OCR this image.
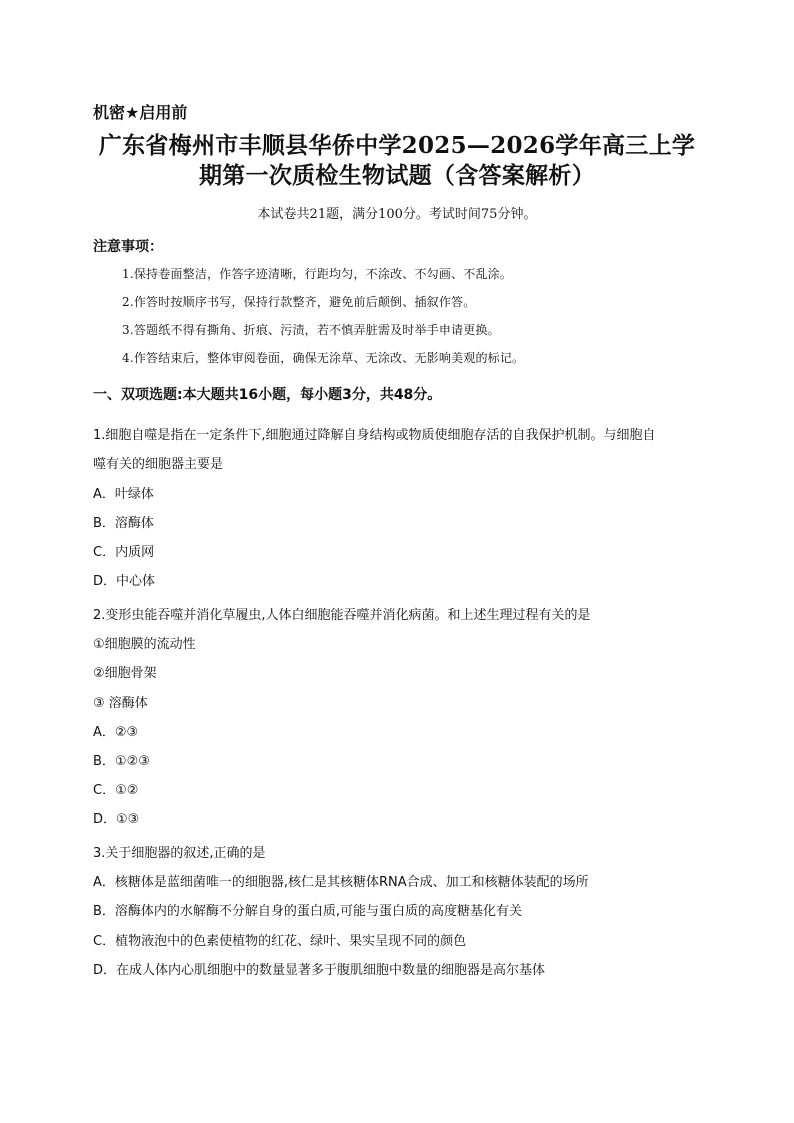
机密★启用前
广东省梅州市丰顺县华侨中学2025—2026学年高三上学
期第一次质检生物试题（含答案解析）
本试卷共21题，满分100分。考试时间75分钟。
注意事项：
1.保持卷面整洁，作答字迹清晰，行距均匀，不涂改、不勾画、不乱涂。
2.作答时按顺序书写，保持行款整齐，避免前后颠倒、插叙作答。
3.答题纸不得有撕角、折痕、污渍，若不慎弄脏需及时举手申请更换。
4.作答结束后，整体审阅卷面，确保无涂草、无涂改、无影响美观的标记。
一、双项选题:本大题共16小题，每小题3分，共48分。
1.细胞自噬是指在一定条件下,细胞通过降解自身结构或物质使细胞存活的自我保护机制。与细胞自
噬有关的细胞器主要是
A．叶绿体
B．溶酶体
C．内质网
D．中心体
2.变形虫能吞噬并消化草履虫,人体白细胞能吞噬并消化病菌。和上述生理过程有关的是
①细胞膜的流动性
②细胞骨架
③ 溶酶体
A．②③
B．①②③
C．①②
D．①③
3.关于细胞器的叙述,正确的是
A．核糖体是蓝细菌唯一的细胞器,核仁是其核糖体RNA合成、加工和核糖体装配的场所
B．溶酶体内的水解酶不分解自身的蛋白质,可能与蛋白质的高度糖基化有关
C．植物液泡中的色素使植物的红花、绿叶、果实呈现不同的颜色
D．在成人体内心肌细胞中的数量显著多于腹肌细胞中数量的细胞器是高尔基体
